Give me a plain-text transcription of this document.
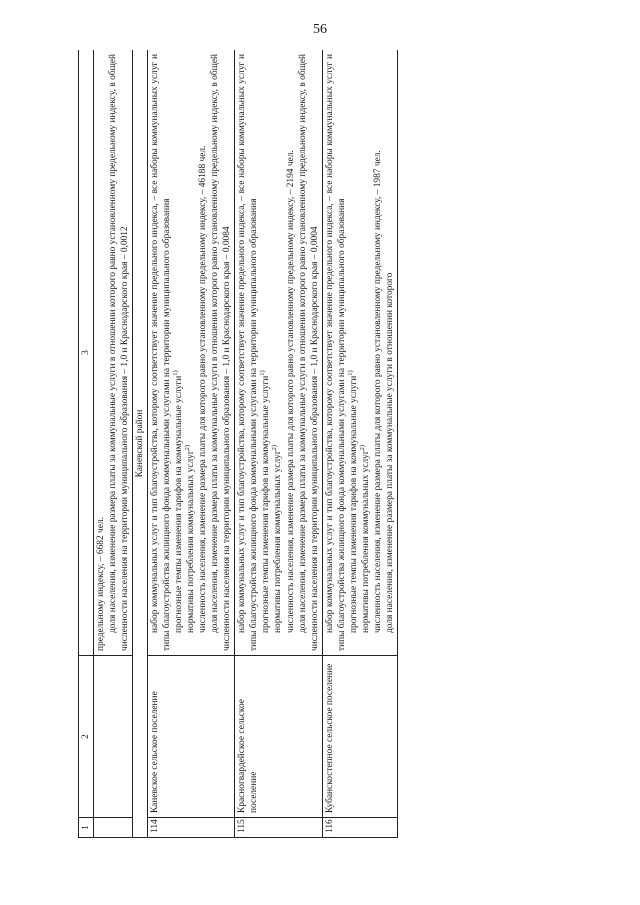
56
1	2	3

		предельному индексу, – 6682 чел. доля населения, изменение размера платы за коммунальные услуги в отношении которого равно установленному предельному индексу, в общей численности населения на территории муниципального образования – 1,0 и Краснодарского края – 0,0012

Каневской район		
114	Каневское сельское поселение	набор коммунальных услуг и тип благоустройства, которому соответствует значение предельного индекса, – все наборы коммунальных услуг и типы благоустройства жилищного фонда коммунальными услугами на территории муниципального образования прогнозные темпы изменения тарифов на коммунальные услуги$^{1)}$
нормативы потребления коммунальных услуг$^{2)}$ численность населения, изменение размера платы для которого равно установленному предельному индексу, – 46188 чел. доля населения, изменение размера платы за коммунальные услуги в отношении которого равно установленному предельному индексу, в общей численности населения на территории муниципального образования – 1,0 и Краснодарского края – 0,0084

115	Красногвардейское сельское поселение	набор коммунальных услуг и тип благоустройства, которому соответствует значение предельного индекса, – все наборы коммунальных услуг и типы благоустройства жилищного фонда коммунальными услугами на территории муниципального образования прогнозные темпы изменения тарифов на коммунальные услуги$^{1)}$
нормативы потребления коммунальных услуг$^{2)}$ численность населения, изменение размера платы для которого равно установленному предельному индексу, – 2194 чел. доля населения, изменение размера платы за коммунальные услуги в отношении которого равно установленному предельному индексу, в общей численности населения на территории муниципального образования – 1,0 и Краснодарского края – 0,0004

116	Кубанскостепное сельское поселение	набор коммунальных услуг и тип благоустройства, которому соответствует значение предельного индекса, – все наборы коммунальных услуг и типы благоустройства жилищного фонда коммунальными услугами на территории муниципального образования прогнозные темпы изменения тарифов на коммунальные услуги$^{1)}$
нормативы потребления коммунальных услуг$^{2)}$ численность населения, изменение размера платы для которого равно установленному предельному индексу, – 1987 чел. доля населения, изменение размера платы за коммунальные услуги в отношении которого
